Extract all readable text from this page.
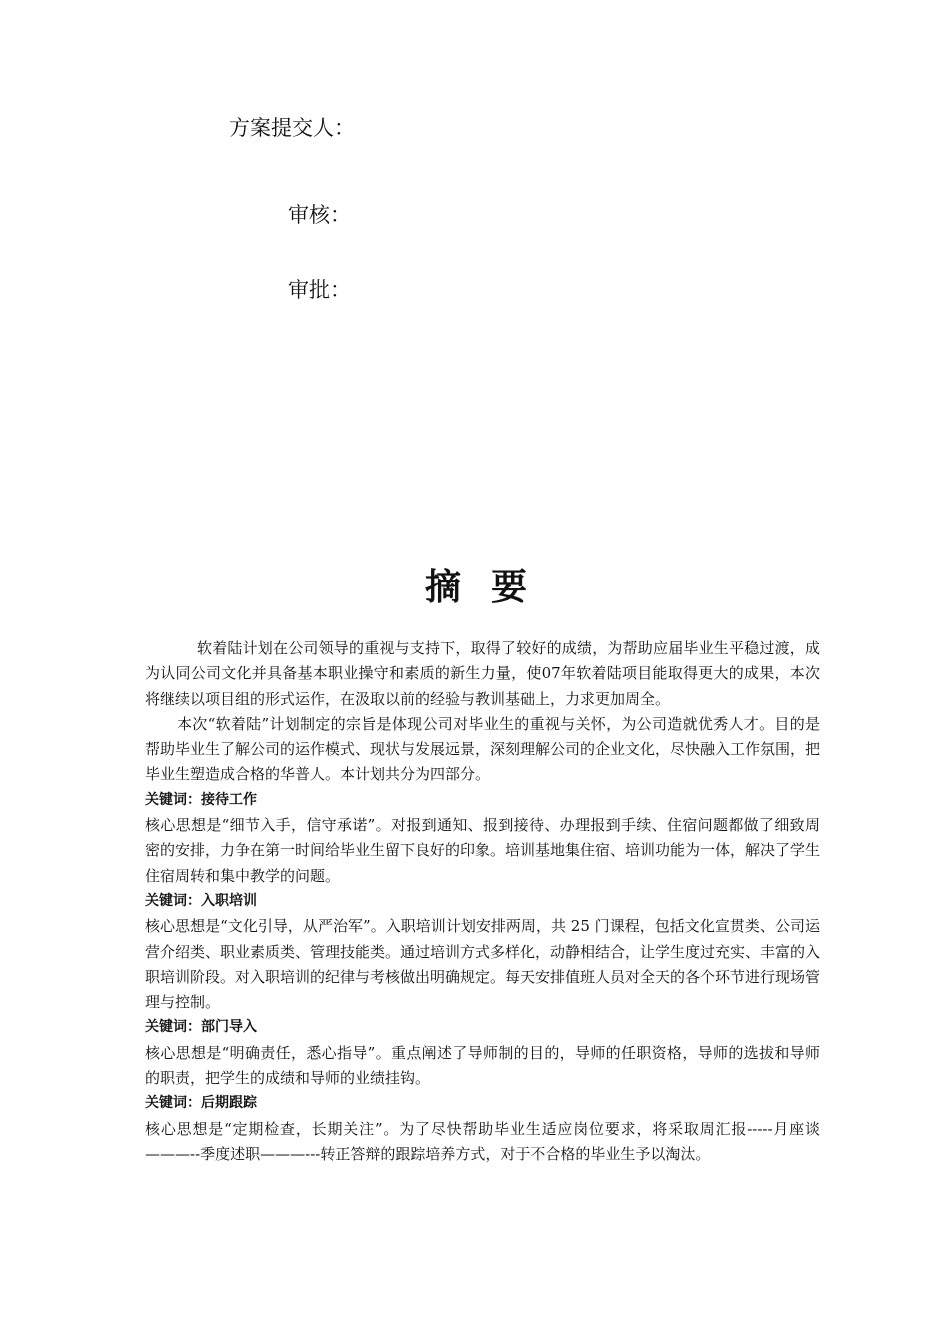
方案提交人：
审核：
审批：
摘要

软着陆计划在公司领导的重视与支持下，取得了较好的成绩，为帮助应届毕业生平稳过渡，成为认同公司文化并具备基本职业操守和素质的新生力量，使07年软着陆项目能取得更大的成果，本次将继续以项目组的形式运作，在汲取以前的经验与教训基础上，力求更加周全。

本次“软着陆”计划制定的宗旨是体现公司对毕业生的重视与关怀，为公司造就优秀人才。目的是帮助毕业生了解公司的运作模式、现状与发展远景，深刻理解公司的企业文化，尽快融入工作氛围，把毕业生塑造成合格的华普人。本计划共分为四部分。

关键词：接待工作

核心思想是“细节入手，信守承诺”。对报到通知、报到接待、办理报到手续、住宿问题都做了细致周密的安排，力争在第一时间给毕业生留下良好的印象。培训基地集住宿、培训功能为一体，解决了学生住宿周转和集中教学的问题。

关键词：入职培训

核心思想是“文化引导，从严治军”。入职培训计划安排两周，共 25 门课程，包括文化宣贯类、公司运营介绍类、职业素质类、管理技能类。通过培训方式多样化，动静相结合，让学生度过充实、丰富的入职培训阶段。对入职培训的纪律与考核做出明确规定。每天安排值班人员对全天的各个环节进行现场管理与控制。

关键词：部门导入

核心思想是“明确责任，悉心指导”。重点阐述了导师制的目的，导师的任职资格，导师的选拔和导师的职责，把学生的成绩和导师的业绩挂钩。

关键词：后期跟踪

核心思想是“定期检查，长期关注”。为了尽快帮助毕业生适应岗位要求，将采取周汇报-----月座谈———--季度述职———---转正答辩的跟踪培养方式，对于不合格的毕业生予以淘汰。
